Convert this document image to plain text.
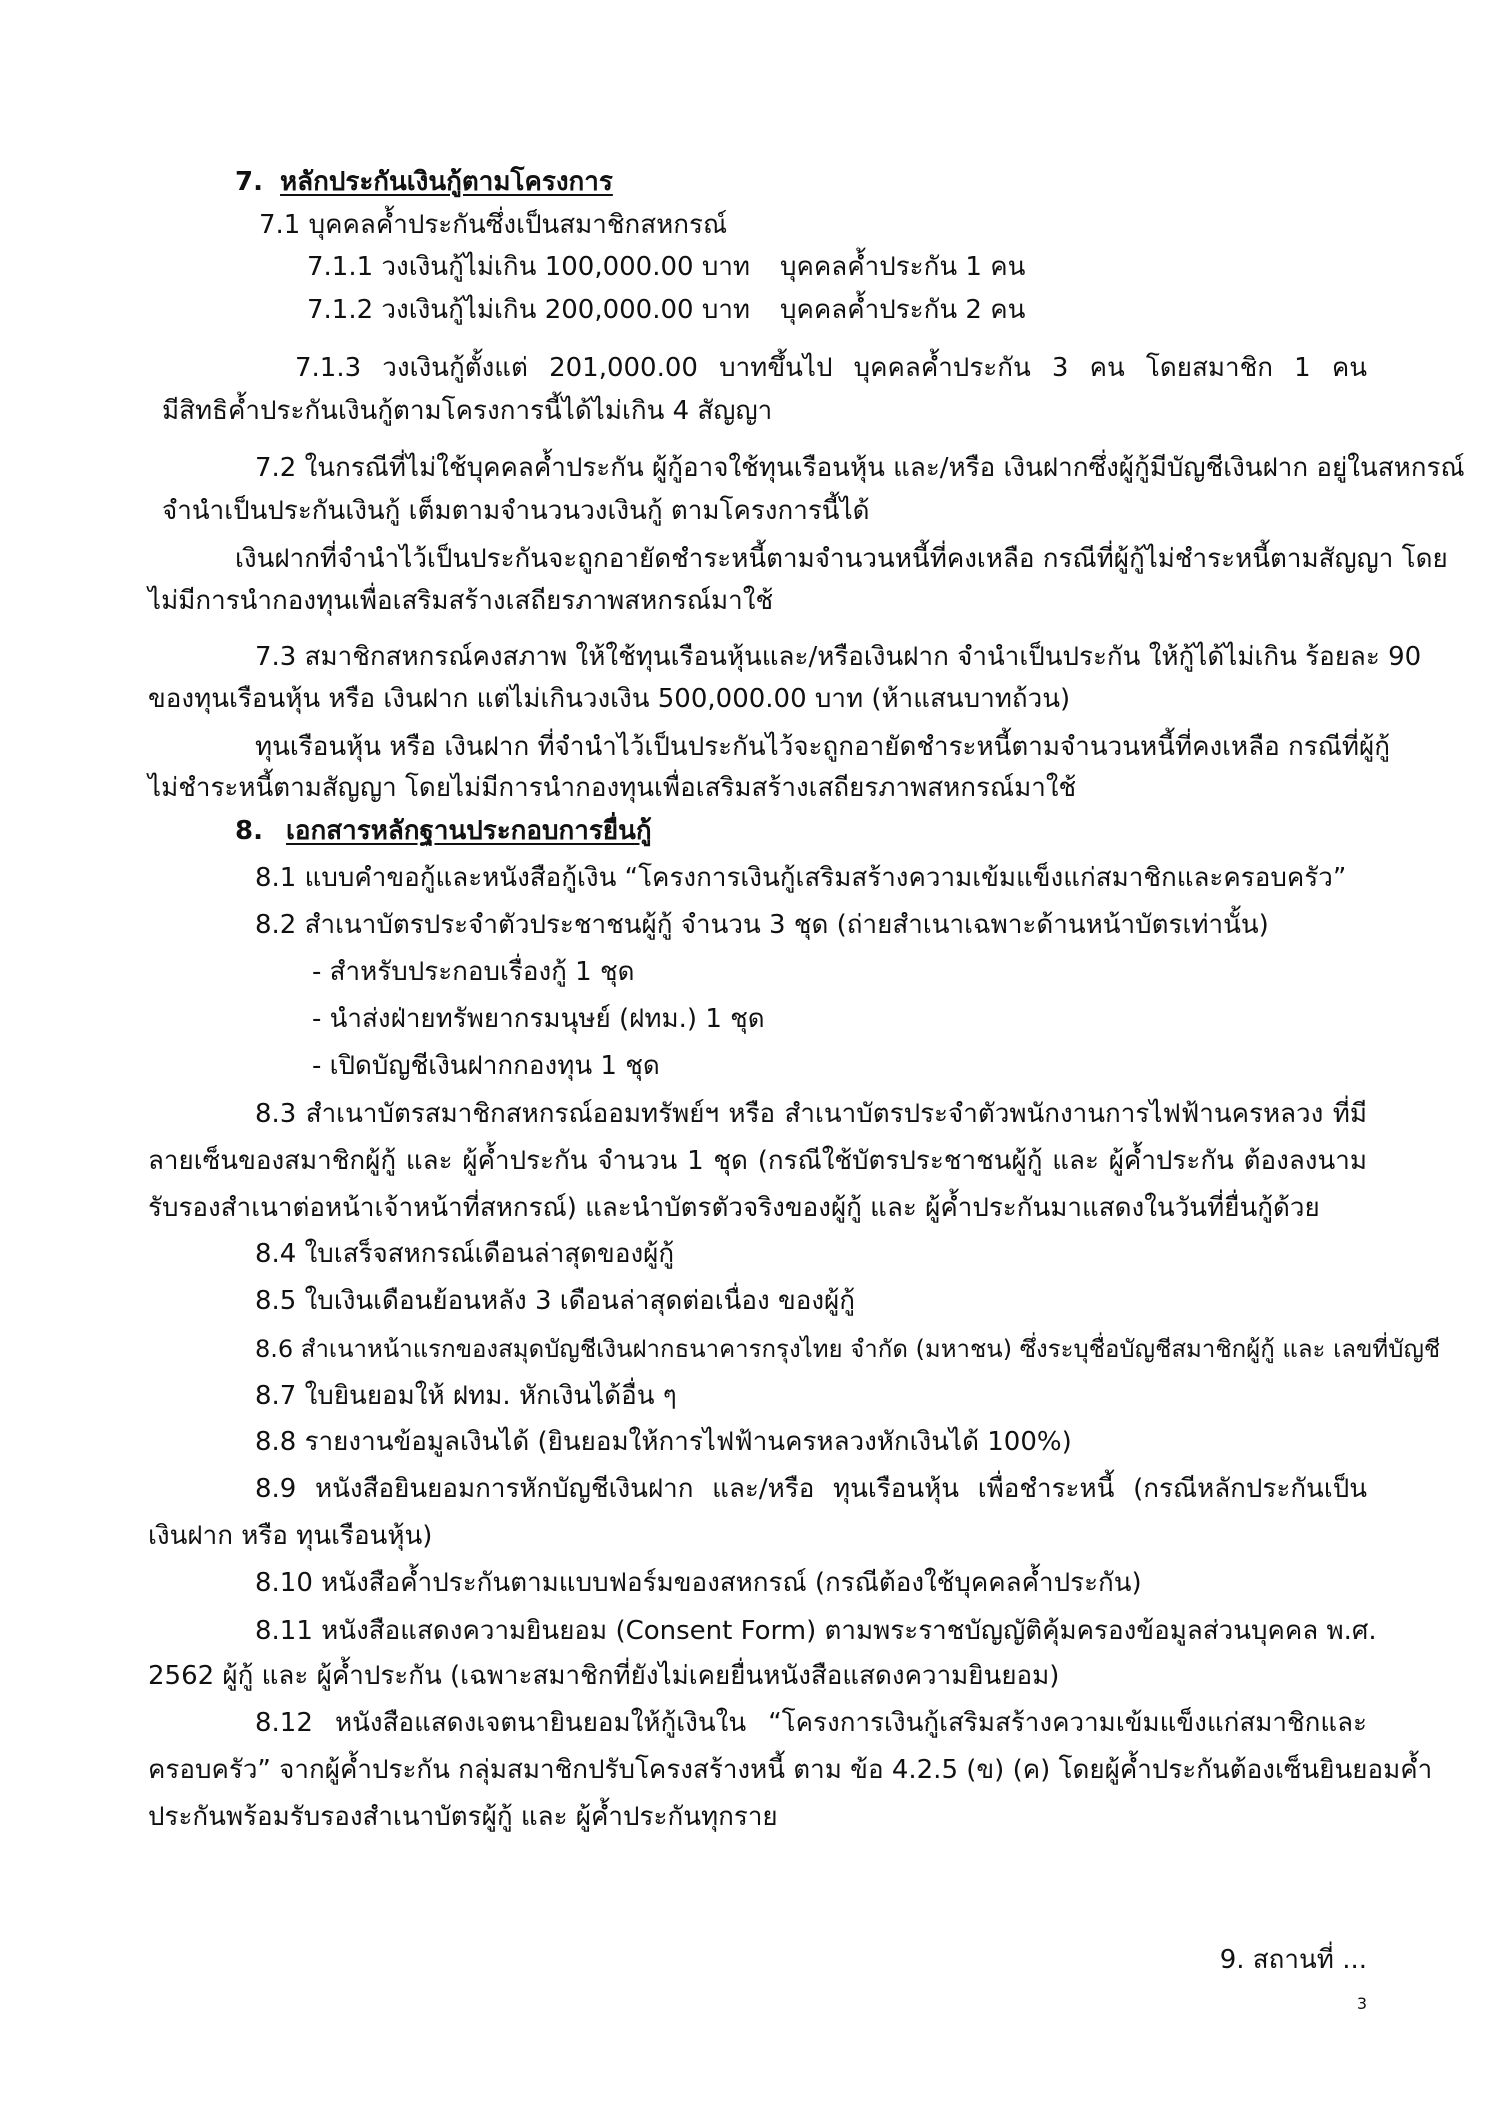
7. หลักประกันเงินกู้ตามโครงการ
7.1 บุคคลค้ำประกันซึ่งเป็นสมาชิกสหกรณ์
7.1.1 วงเงินกู้ไม่เกิน 100,000.00 บาท บุคคลค้ำประกัน 1 คน
7.1.2 วงเงินกู้ไม่เกิน 200,000.00 บาท บุคคลค้ำประกัน 2 คน
7.1.3 วงเงินกู้ตั้งแต่ 201,000.00 บาทขึ้นไป บุคคลค้ำประกัน 3 คน โดยสมาชิก 1 คน
มีสิทธิค้ำประกันเงินกู้ตามโครงการนี้ได้ไม่เกิน 4 สัญญา
7.2 ในกรณีที่ไม่ใช้บุคคลค้ำประกัน ผู้กู้อาจใช้ทุนเรือนหุ้น และ/หรือ เงินฝากซึ่งผู้กู้มีบัญชีเงินฝาก อยู่ในสหกรณ์
จำนำเป็นประกันเงินกู้ เต็มตามจำนวนวงเงินกู้ ตามโครงการนี้ได้
เงินฝากที่จำนำไว้เป็นประกันจะถูกอายัดชำระหนี้ตามจำนวนหนี้ที่คงเหลือ กรณีที่ผู้กู้ไม่ชำระหนี้ตามสัญญา โดย
ไม่มีการนำกองทุนเพื่อเสริมสร้างเสถียรภาพสหกรณ์มาใช้
7.3 สมาชิกสหกรณ์คงสภาพ ให้ใช้ทุนเรือนหุ้นและ/หรือเงินฝาก จำนำเป็นประกัน ให้กู้ได้ไม่เกิน ร้อยละ 90
ของทุนเรือนหุ้น หรือ เงินฝาก แต่ไม่เกินวงเงิน 500,000.00 บาท (ห้าแสนบาทถ้วน)
ทุนเรือนหุ้น หรือ เงินฝาก ที่จำนำไว้เป็นประกันไว้จะถูกอายัดชำระหนี้ตามจำนวนหนี้ที่คงเหลือ กรณีที่ผู้กู้
ไม่ชำระหนี้ตามสัญญา โดยไม่มีการนำกองทุนเพื่อเสริมสร้างเสถียรภาพสหกรณ์มาใช้
8. เอกสารหลักฐานประกอบการยื่นกู้
8.1 แบบคำขอกู้และหนังสือกู้เงิน “โครงการเงินกู้เสริมสร้างความเข้มแข็งแก่สมาชิกและครอบครัว”
8.2 สำเนาบัตรประจำตัวประชาชนผู้กู้ จำนวน 3 ชุด (ถ่ายสำเนาเฉพาะด้านหน้าบัตรเท่านั้น)
- สำหรับประกอบเรื่องกู้ 1 ชุด
- นำส่งฝ่ายทรัพยากรมนุษย์ (ฝทม.) 1 ชุด
- เปิดบัญชีเงินฝากกองทุน 1 ชุด
8.3 สำเนาบัตรสมาชิกสหกรณ์ออมทรัพย์ฯ หรือ สำเนาบัตรประจำตัวพนักงานการไฟฟ้านครหลวง ที่มี
ลายเซ็นของสมาชิกผู้กู้ และ ผู้ค้ำประกัน จำนวน 1 ชุด (กรณีใช้บัตรประชาชนผู้กู้ และ ผู้ค้ำประกัน ต้องลงนาม
รับรองสำเนาต่อหน้าเจ้าหน้าที่สหกรณ์) และนำบัตรตัวจริงของผู้กู้ และ ผู้ค้ำประกันมาแสดงในวันที่ยื่นกู้ด้วย
8.4 ใบเสร็จสหกรณ์เดือนล่าสุดของผู้กู้
8.5 ใบเงินเดือนย้อนหลัง 3 เดือนล่าสุดต่อเนื่อง ของผู้กู้
8.6 สำเนาหน้าแรกของสมุดบัญชีเงินฝากธนาคารกรุงไทย จำกัด (มหาชน) ซึ่งระบุชื่อบัญชีสมาชิกผู้กู้ และ เลขที่บัญชี
8.7 ใบยินยอมให้ ฝทม. หักเงินได้อื่น ๆ
8.8 รายงานข้อมูลเงินได้ (ยินยอมให้การไฟฟ้านครหลวงหักเงินได้ 100%)
8.9 หนังสือยินยอมการหักบัญชีเงินฝาก และ/หรือ ทุนเรือนหุ้น เพื่อชำระหนี้ (กรณีหลักประกันเป็น
เงินฝาก หรือ ทุนเรือนหุ้น)
8.10 หนังสือค้ำประกันตามแบบฟอร์มของสหกรณ์ (กรณีต้องใช้บุคคลค้ำประกัน)
8.11 หนังสือแสดงความยินยอม (Consent Form) ตามพระราชบัญญัติคุ้มครองข้อมูลส่วนบุคคล พ.ศ.
2562 ผู้กู้ และ ผู้ค้ำประกัน (เฉพาะสมาชิกที่ยังไม่เคยยื่นหนังสือแสดงความยินยอม)
8.12 หนังสือแสดงเจตนายินยอมให้กู้เงินใน “โครงการเงินกู้เสริมสร้างความเข้มแข็งแก่สมาชิกและ
ครอบครัว” จากผู้ค้ำประกัน กลุ่มสมาชิกปรับโครงสร้างหนี้ ตาม ข้อ 4.2.5 (ข) (ค) โดยผู้ค้ำประกันต้องเซ็นยินยอมค้ำ
ประกันพร้อมรับรองสำเนาบัตรผู้กู้ และ ผู้ค้ำประกันทุกราย
9. สถานที่ ...
3
